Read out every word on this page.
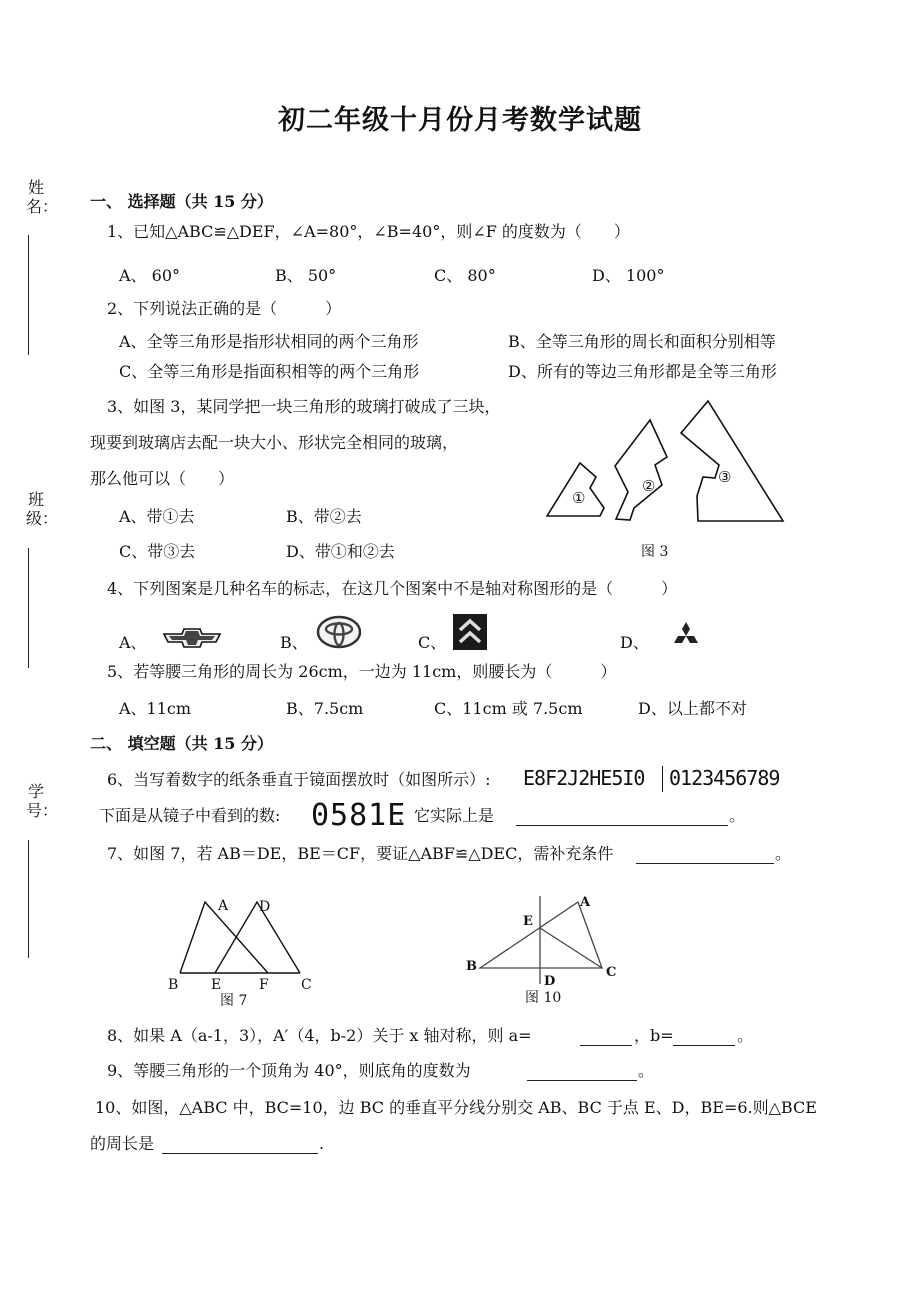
初二年级十月份月考数学试题
姓名：
班级：
学号：
一、 选择题（共 15 分）
1、已知△ABC≌△DEF，∠A=80°，∠B=40°，则∠F 的度数为（　　）
A、 60°	B、 50°	C、 80°	D、 100°
2、下列说法正确的是（　　　）
A、全等三角形是指形状相同的两个三角形	B、全等三角形的周长和面积分别相等
C、全等三角形是指面积相等的两个三角形	D、所有的等边三角形都是全等三角形
3、如图 3，某同学把一块三角形的玻璃打破成了三块，
现要到玻璃店去配一块大小、形状完全相同的玻璃，
那么他可以（　　）
A、带①去	B、带②去
C、带③去	D、带①和②去
①
②	③
图 3
4、下列图案是几种名车的标志，在这几个图案中不是轴对称图形的是（　　　）
A、	B、	C、	D、
5、若等腰三角形的周长为 26cm，一边为 11cm，则腰长为（　　　）
A、11cm	B、7.5cm	C、11cm 或 7.5cm	D、以上都不对
二、 填空题（共 15 分）
6、当写着数字的纸条垂直于镜面摆放时（如图所示）: E8F2J2HE5I0 0123456789
下面是从镜子中看到的数: 0581E
，它实际上是	。
7、如图 7，若 AB＝DE，BE＝CF，要证△ABF≌△DEC，需补充条件	。
A D
B E	F C
图 7
A
E
B
D
C
图 10
8、如果 A（a-1，3），A′（4，b-2）关于 x 轴对称，则 a=	，b=	。
9、等腰三角形的一个顶角为 40°，则底角的度数为	。
10、如图，△ABC 中，BC=10，边 BC 的垂直平分线分别交 AB、BC 于点 E、D，BE=6.则△BCE
的周长是	.
